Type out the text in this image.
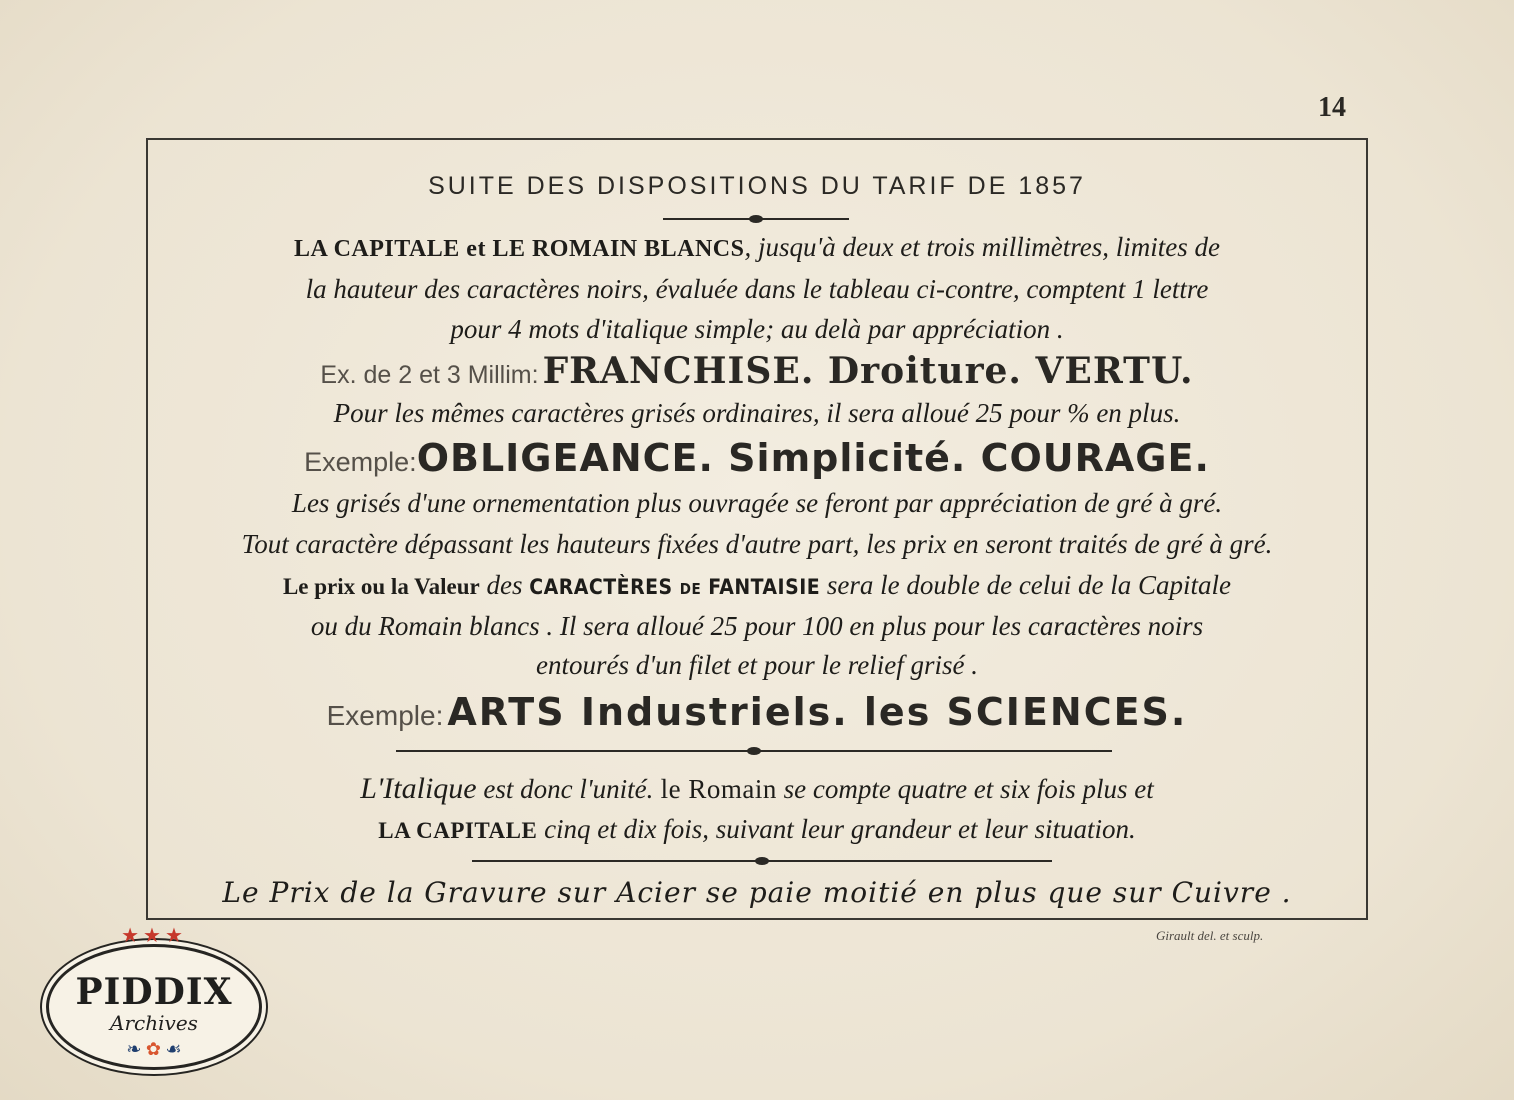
14
SUITE DES DISPOSITIONS DU TARIF DE 1857
LA CAPITALE et LE ROMAIN BLANCS, jusqu'à deux et trois millimètres, limites de
la hauteur des caractères noirs, évaluée dans le tableau ci-contre, comptent 1 lettre
pour 4 mots d'italique simple; au delà par appréciation .
Ex. de 2 et 3 Millim: FRANCHISE. Droiture. VERTU.
Pour les mêmes caractères grisés ordinaires, il sera alloué 25 pour % en plus.
Exemple:OBLIGEANCE. Simplicité. COURAGE.
Les grisés d'une ornementation plus ouvragée se feront par appréciation de gré à gré.
Tout caractère dépassant les hauteurs fixées d'autre part, les prix en seront traités de gré à gré.
Le prix ou la Valeur des CARACTÈRES DE FANTAISIE sera le double de celui de la Capitale
ou du Romain blancs . Il sera alloué 25 pour 100 en plus pour les caractères noirs
entourés d'un filet et pour le relief grisé .
Exemple: ARTS Industriels. les SCIENCES.
L'Italique est donc l'unité. le Romain se compte quatre et six fois plus et
LA CAPITALE cinq et dix fois, suivant leur grandeur et leur situation.
Le Prix de la Gravure sur Acier se paie moitié en plus que sur Cuivre .
Girault del. et sculp.
★★★
PIDDIX
Archives
❧ ✿ ☙
